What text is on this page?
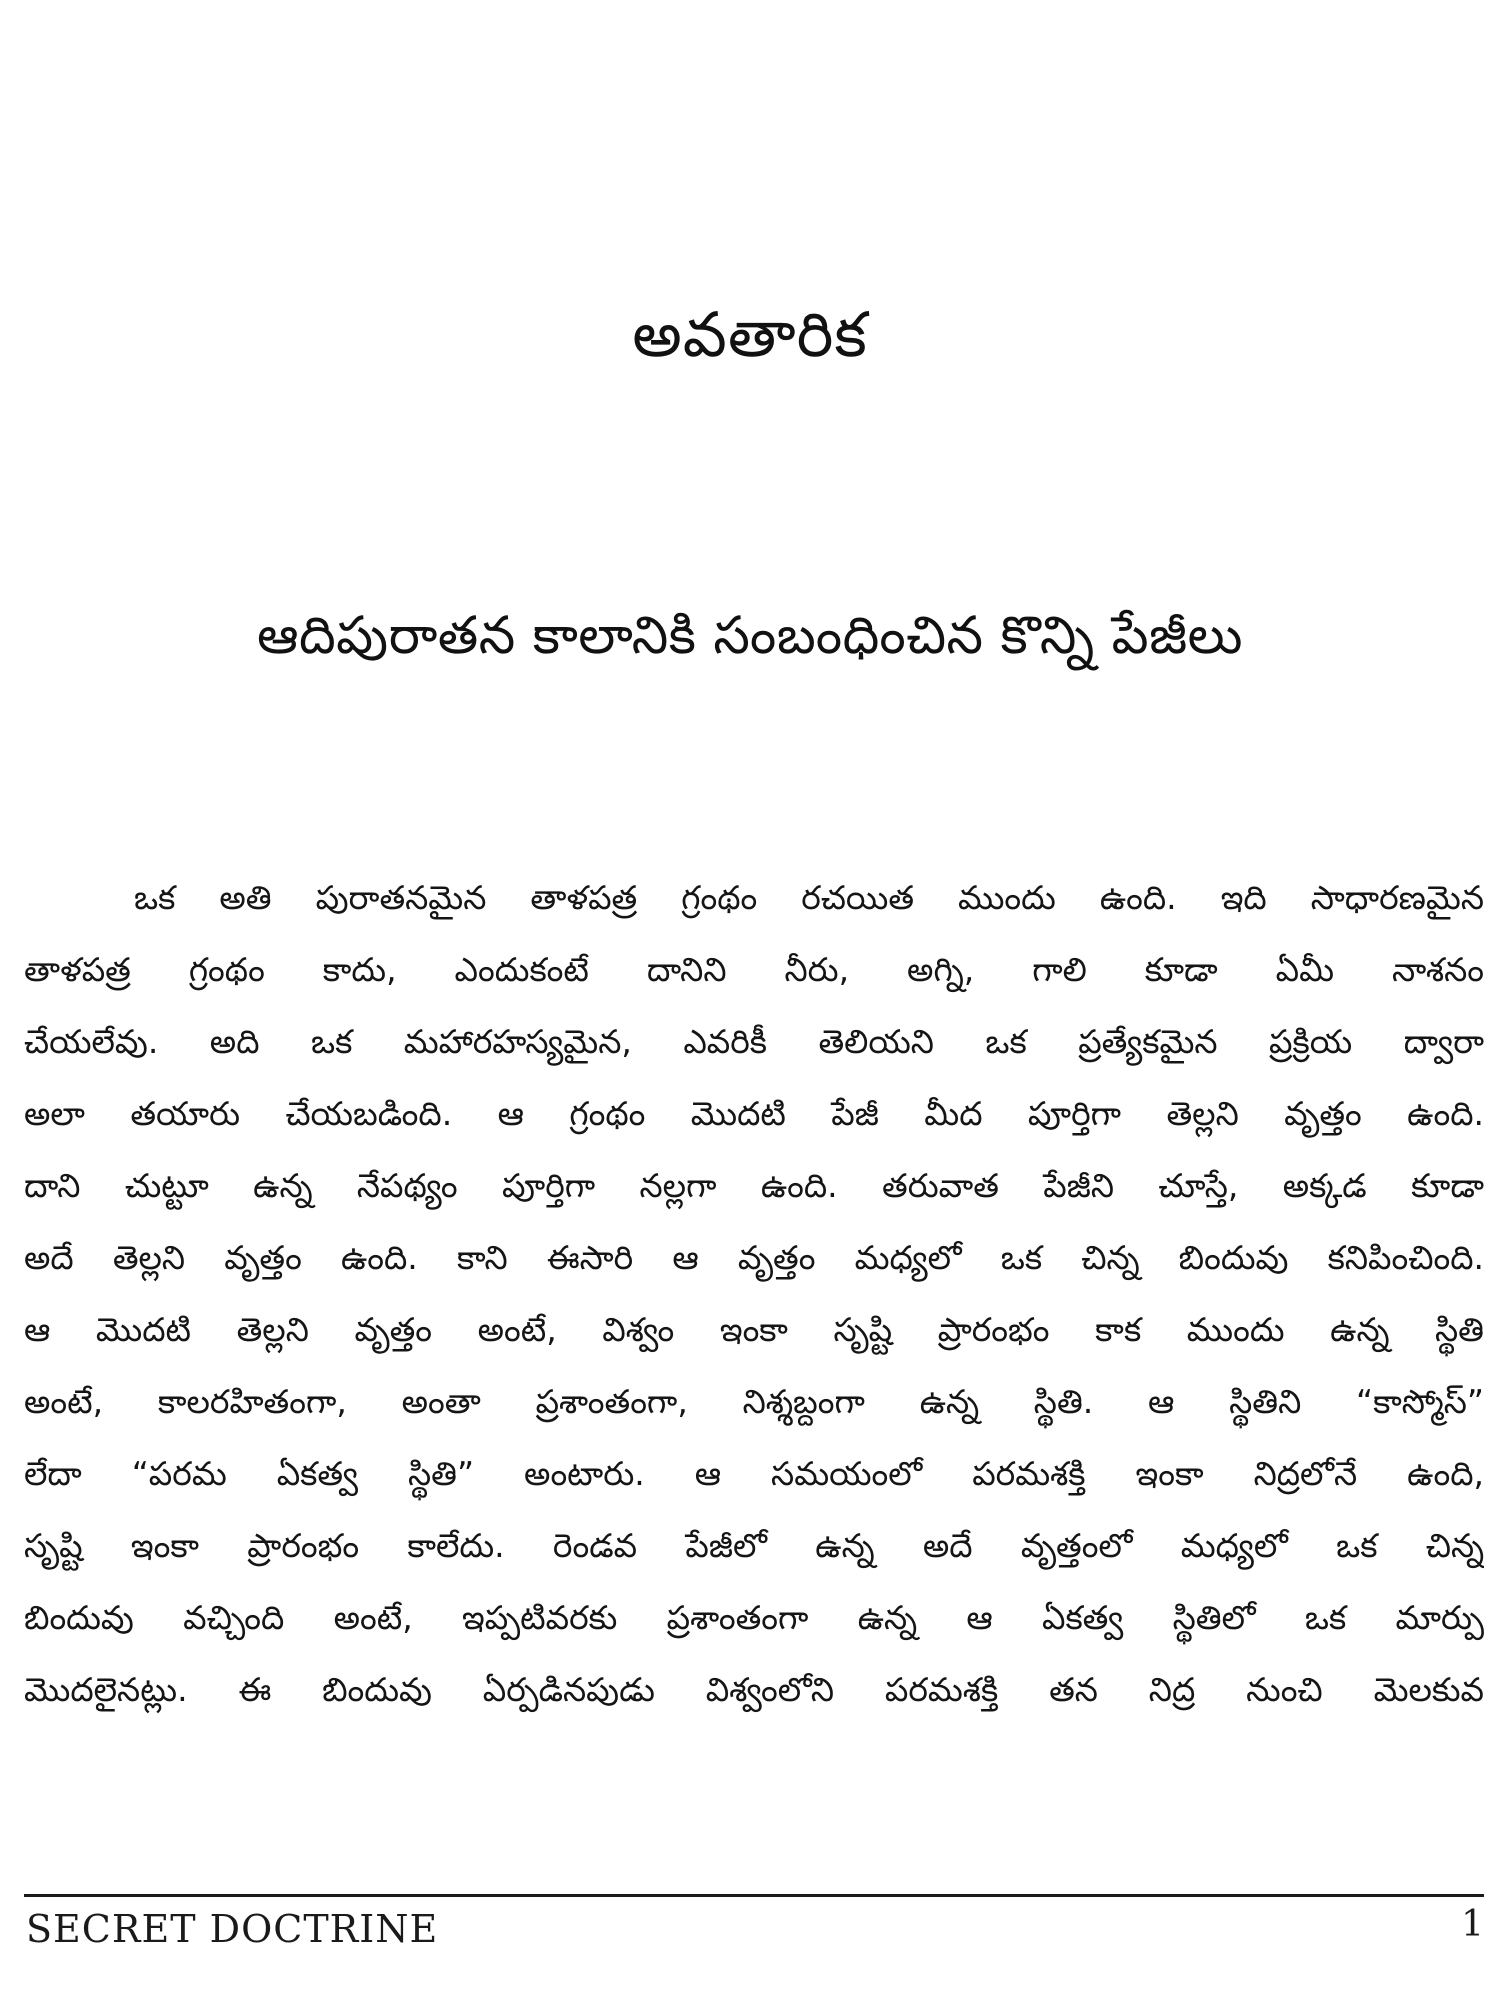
అవతారిక
ఆదిపురాతన కాలానికి సంబంధించిన కొన్ని పేజీలు
ఒక అతి పురాతనమైన తాళపత్ర గ్రంథం రచయిత ముందు ఉంది. ఇది సాధారణమైన
తాళపత్ర గ్రంథం కాదు, ఎందుకంటే దానిని నీరు, అగ్ని, గాలి కూడా ఏమీ నాశనం
చేయలేవు. అది ఒక మహారహస్యమైన, ఎవరికీ తెలియని ఒక ప్రత్యేకమైన ప్రక్రియ ద్వారా
అలా తయారు చేయబడింది. ఆ గ్రంథం మొదటి పేజీ మీద పూర్తిగా తెల్లని వృత్తం ఉంది.
దాని చుట్టూ ఉన్న నేపథ్యం పూర్తిగా నల్లగా ఉంది. తరువాత పేజీని చూస్తే, అక్కడ కూడా
అదే తెల్లని వృత్తం ఉంది. కాని ఈసారి ఆ వృత్తం మధ్యలో ఒక చిన్న బిందువు కనిపించింది.
ఆ మొదటి తెల్లని వృత్తం అంటే, విశ్వం ఇంకా సృష్టి ప్రారంభం కాక ముందు ఉన్న స్థితి
అంటే, కాలరహితంగా, అంతా ప్రశాంతంగా, నిశ్శబ్దంగా ఉన్న స్థితి. ఆ స్థితిని “కాస్మోస్”
లేదా “పరమ ఏకత్వ స్థితి” అంటారు. ఆ సమయంలో పరమశక్తి ఇంకా నిద్రలోనే ఉంది,
సృష్టి ఇంకా ప్రారంభం కాలేదు. రెండవ పేజీలో ఉన్న అదే వృత్తంలో మధ్యలో ఒక చిన్న
బిందువు వచ్చింది అంటే, ఇప్పటివరకు ప్రశాంతంగా ఉన్న ఆ ఏకత్వ స్థితిలో ఒక మార్పు
మొదలైనట్లు. ఈ బిందువు ఏర్పడినపుడు విశ్వంలోని పరమశక్తి తన నిద్ర నుంచి మెలకువ
SECRET DOCTRINE	1
